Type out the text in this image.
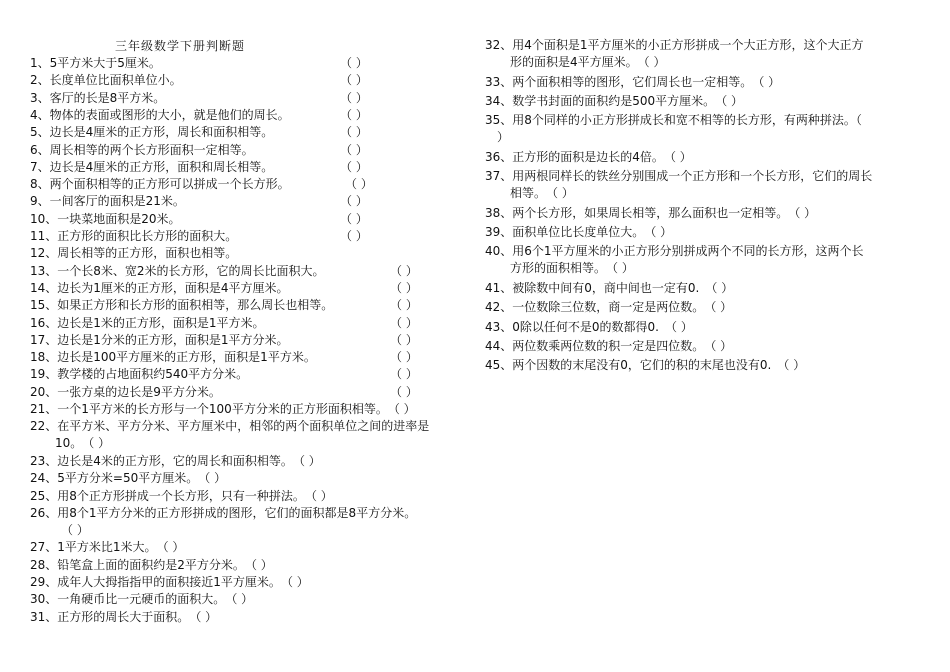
三年级数学下册判断题
1、5平方米大于5厘米。	（ ）
2、长度单位比面积单位小。	（ ）
3、客厅的长是8平方米。	（ ）
4、物体的表面或图形的大小，就是他们的周长。	（ ）
5、边长是4厘米的正方形，周长和面积相等。	（ ）
6、周长相等的两个长方形面积一定相等。	（ ）
7、边长是4厘米的正方形，面积和周长相等。	（ ）
8、两个面积相等的正方形可以拼成一个长方形。	（ ）
9、一间客厅的面积是21米。	（ ）
10、一块菜地面积是20米。	（ ）
11、正方形的面积比长方形的面积大。	（ ）
12、周长相等的正方形，面积也相等。
13、一个长8米、宽2米的长方形，它的周长比面积大。	（ ）
14、边长为1厘米的正方形，面积是4平方厘米。	（ ）
15、如果正方形和长方形的面积相等，那么周长也相等。	（ ）
16、边长是1米的正方形，面积是1平方米。	（ ）
17、边长是1分米的正方形，面积是1平方分米。	（ ）
18、边长是100平方厘米的正方形，面积是1平方米。	（ ）
19、教学楼的占地面积约540平方分米。	（ ）
20、一张方桌的边长是9平方分米。	（ ）
21、一个1平方米的长方形与一个100平方分米的正方形面积相等。　 （ ）
22、在平方米、平方分米、平方厘米中，相邻的两个面积单位之间的进率是
10。　 （ ）
23、边长是4米的正方形，它的周长和面积相等。　 （ ）
24、5平方分米=50平方厘米。　 （ ）
25、用8个正方形拼成一个长方形，只有一种拼法。　 （ ）
26、用8个1平方分米的正方形拼成的图形，它们的面积都是8平方分米。
　（ ）
27、1平方米比1米大。　 （ ）
28、铅笔盒上面的面积约是2平方分米。　 （ ）
29、成年人大拇指指甲的面积接近1平方厘米。　 （ ）
30、一角硬币比一元硬币的面积大。　 （ ）
31、正方形的周长大于面积。　 （ ）
32、用4个面积是1平方厘米的小正方形拼成一个大正方形，这个大正方
形的面积是4平方厘米。　 （ ）
33、两个面积相等的图形，它们周长也一定相等。　 （ ）
34、数学书封面的面积约是500平方厘米。　 （ ）
35、用8个同样的小正方形拼成长和宽不相等的长方形，有两种拼法。（
）
36、正方形的面积是边长的4倍。　 （ ）
37、用两根同样长的铁丝分别围成一个正方形和一个长方形，它们的周长
相等。　 （ ）
38、两个长方形，如果周长相等，那么面积也一定相等。　 （ ）
39、面积单位比长度单位大。　 （ ）
40、用6个1平方厘米的小正方形分别拼成两个不同的长方形，这两个长
方形的面积相等。　 （ ）
41、被除数中间有0，商中间也一定有0.　 （ ）
42、一位数除三位数，商一定是两位数。　 （ ）
43、0除以任何不是0的数都得0.　 （ ）
44、两位数乘两位数的积一定是四位数。　 （ ）
45、两个因数的末尾没有0，它们的积的末尾也没有0.　 （ ）
